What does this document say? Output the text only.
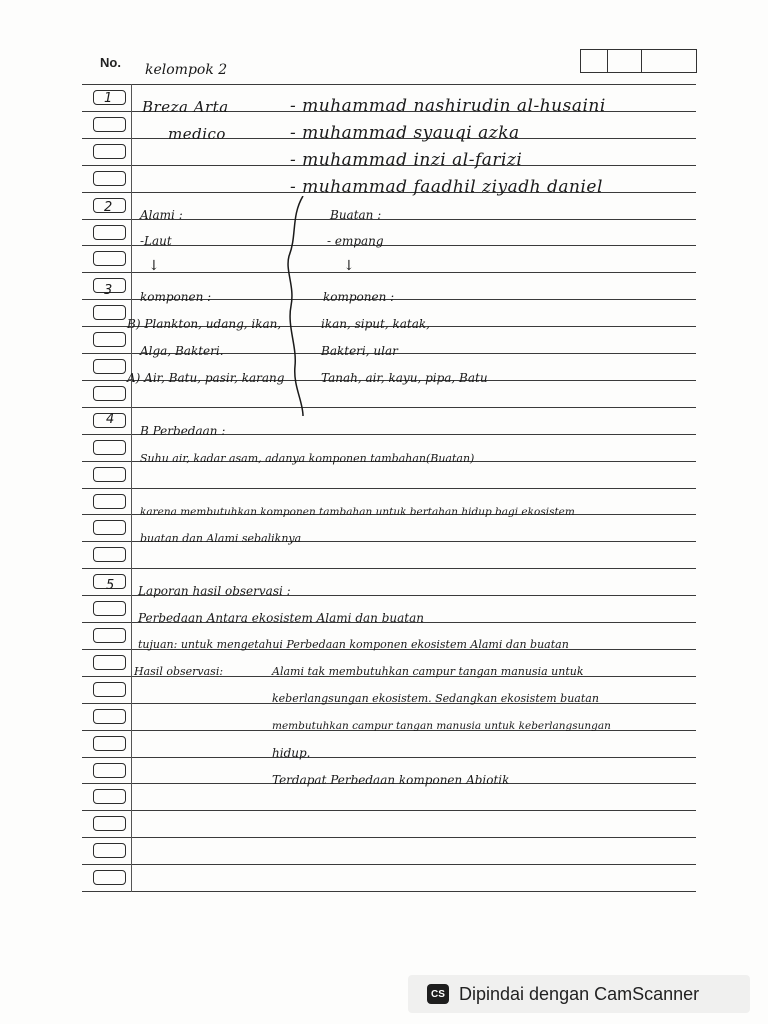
No. kelompok 2
1 Breza Arta
medico
- muhammad nashirudin al-husaini
- muhammad syauqi azka
- muhammad inzi al-farizi
- muhammad faadhil ziyadh daniel
2 Alami :
-Laut
↓
Buatan :
- empang
↓
3 komponen :
B) Plankton, udang, ikan,
Alga, Bakteri.
A) Air, Batu, pasir, karang
komponen :
ikan, siput, katak,
Bakteri, ular
Tanah, air, kayu, pipa, Batu
4
B Perbedaan :
Suhu air, kadar asam, adanya komponen tambahan(Buatan)
karena membutuhkan komponen tambahan untuk bertahan hidup bagi ekosistem
buatan dan Alami sebaliknya
5 Laporan hasil observasi :
Perbedaan Antara ekosistem Alami dan buatan
tujuan: untuk mengetahui Perbedaan komponen ekosistem Alami dan buatan
Hasil observasi:	Alami tak membutuhkan campur tangan manusia untuk
keberlangsungan ekosistem. Sedangkan ekosistem buatan
membutuhkan campur tangan manusia untuk keberlangsungan
hidup.
Terdapat Perbedaan komponen Abiotik
CS Dipindai dengan CamScanner
